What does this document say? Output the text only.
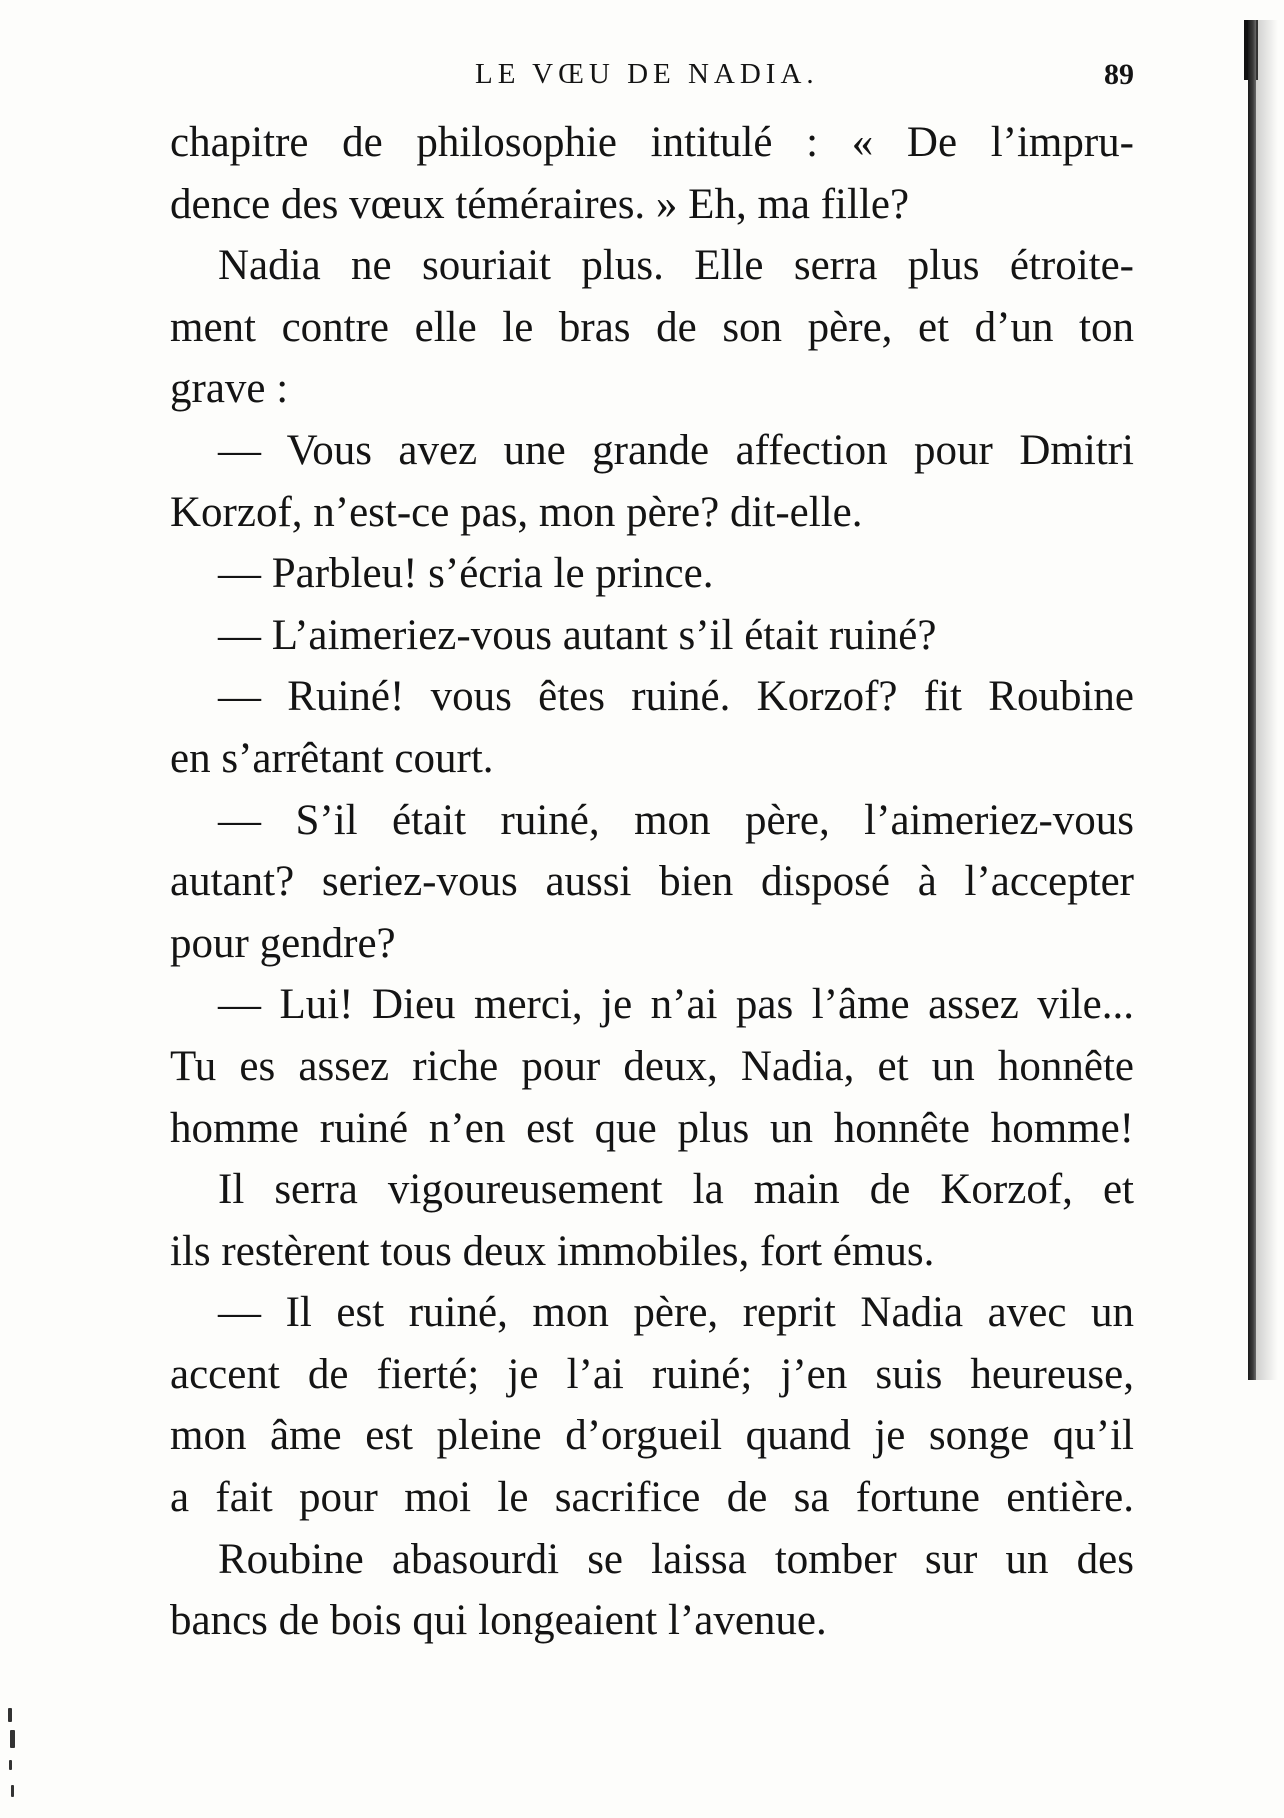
LE VŒU DE NADIA.	89
chapitre de philosophie intitulé : « De l’impru-
dence des vœux téméraires. » Eh, ma fille?
Nadia ne souriait plus. Elle serra plus étroite-
ment contre elle le bras de son père, et d’un ton
grave :
— Vous avez une grande affection pour Dmitri
Korzof, n’est-ce pas, mon père? dit-elle.
— Parbleu! s’écria le prince.
— L’aimeriez-vous autant s’il était ruiné?
— Ruiné! vous êtes ruiné. Korzof? fit Roubine
en s’arrêtant court.
— S’il était ruiné, mon père, l’aimeriez-vous
autant? seriez-vous aussi bien disposé à l’accepter
pour gendre?
— Lui! Dieu merci, je n’ai pas l’âme assez vile...
Tu es assez riche pour deux, Nadia, et un honnête
homme ruiné n’en est que plus un honnête homme!
Il serra vigoureusement la main de Korzof, et
ils restèrent tous deux immobiles, fort émus.
— Il est ruiné, mon père, reprit Nadia avec un
accent de fierté; je l’ai ruiné; j’en suis heureuse,
mon âme est pleine d’orgueil quand je songe qu’il
a fait pour moi le sacrifice de sa fortune entière.
Roubine abasourdi se laissa tomber sur un des
bancs de bois qui longeaient l’avenue.
